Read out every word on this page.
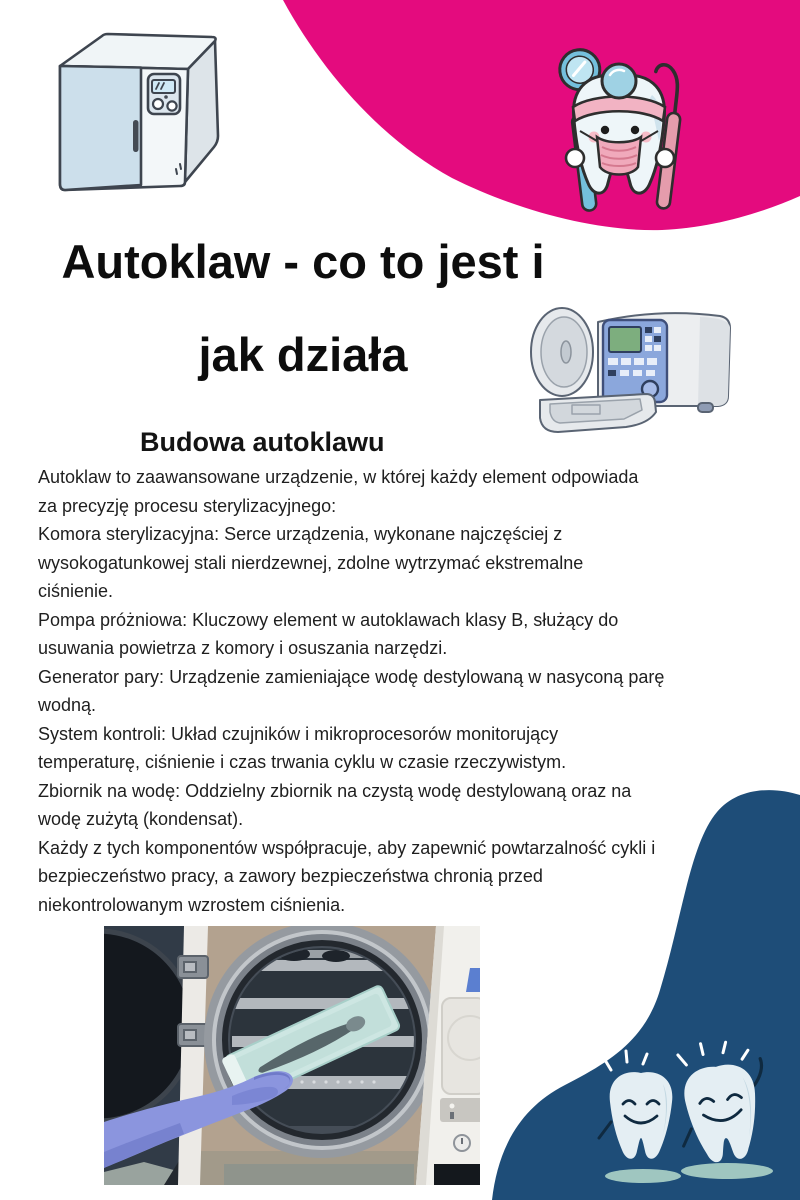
Autoklaw - co to jest i
jak działa
Budowa autoklawu
Autoklaw to zaawansowane urządzenie, w której każdy element odpowiada
za precyzję procesu sterylizacyjnego:
Komora sterylizacyjna: Serce urządzenia, wykonane najczęściej z
wysokogatunkowej stali nierdzewnej, zdolne wytrzymać ekstremalne
ciśnienie.
Pompa próżniowa: Kluczowy element w autoklawach klasy B, służący do
usuwania powietrza z komory i osuszania narzędzi.
Generator pary: Urządzenie zamieniające wodę destylowaną w nasyconą parę
wodną.
System kontroli: Układ czujników i mikroprocesorów monitorujący
temperaturę, ciśnienie i czas trwania cyklu w czasie rzeczywistym.
Zbiornik na wodę: Oddzielny zbiornik na czystą wodę destylowaną oraz na
wodę zużytą (kondensat).
Każdy z tych komponentów współpracuje, aby zapewnić powtarzalność cykli i
bezpieczeństwo pracy, a zawory bezpieczeństwa chronią przed
niekontrolowanym wzrostem ciśnienia.
